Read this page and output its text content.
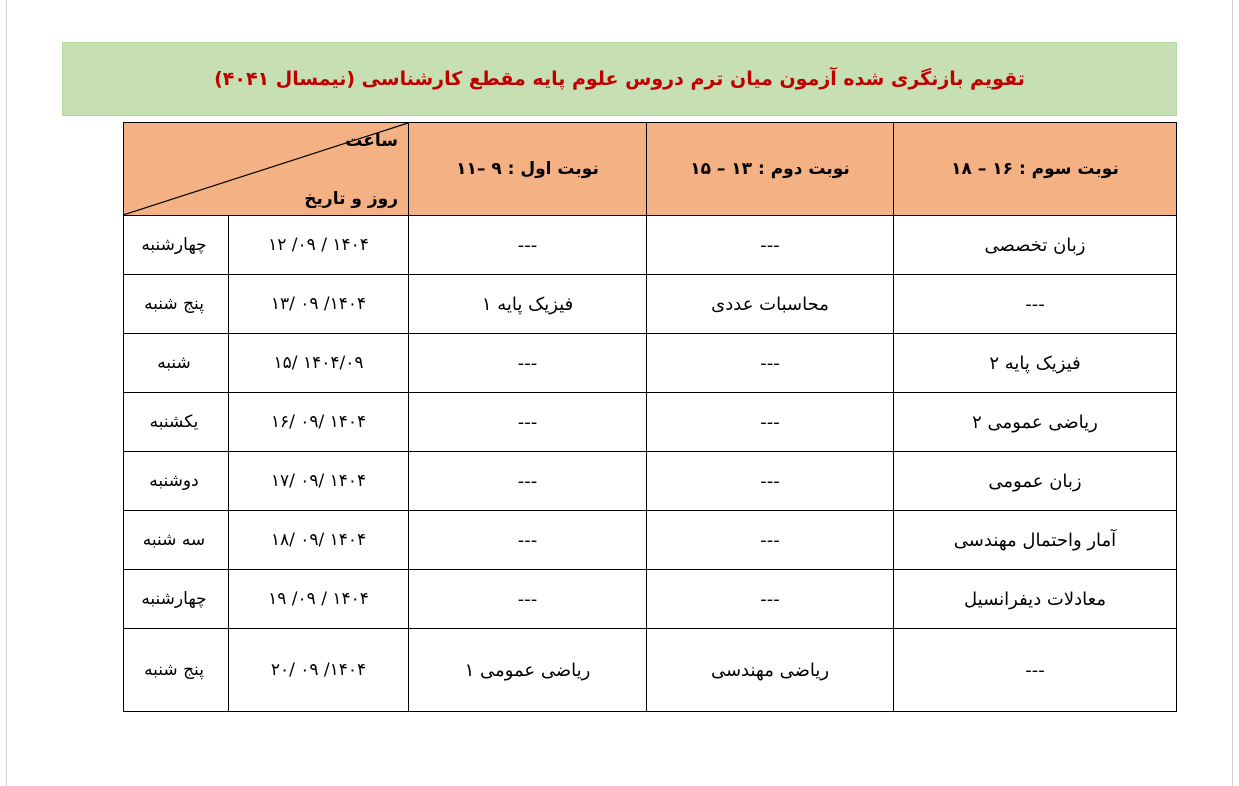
تقویم بازنگری شده آزمون میان ترم دروس علوم پایه مقطع کارشناسی (نیمسال ۴۰۴۱)
نوبت سوم : ۱۶ – ۱۸	نوبت دوم : ۱۳ – ۱۵	نوبت اول : ۹ –۱۱	ساعت
روز و تاریخ	

زبان تخصصی	---	---	۱۴۰۴ / ۰۹/ ۱۲	چهارشنبه
---	محاسبات عددی	فیزیک پایه ۱	۱۴۰۴/ ۰۹ /۱۳	پنج شنبه
فیزیک پایه ۲	---	---	۱۴۰۴/۰۹ /۱۵	شنبه
ریاضی عمومی ۲	---	---	۱۴۰۴ /۰۹ /۱۶	یکشنبه
زبان عمومی	---	---	۱۴۰۴ /۰۹ /۱۷	دوشنبه
آمار واحتمال مهندسی	---	---	۱۴۰۴ /۰۹ /۱۸	سه شنبه
معادلات دیفرانسیل	---	---	۱۴۰۴ / ۰۹/ ۱۹	چهارشنبه
---	ریاضی مهندسی	ریاضی عمومی ۱	۱۴۰۴/ ۰۹ /۲۰	پنج شنبه
